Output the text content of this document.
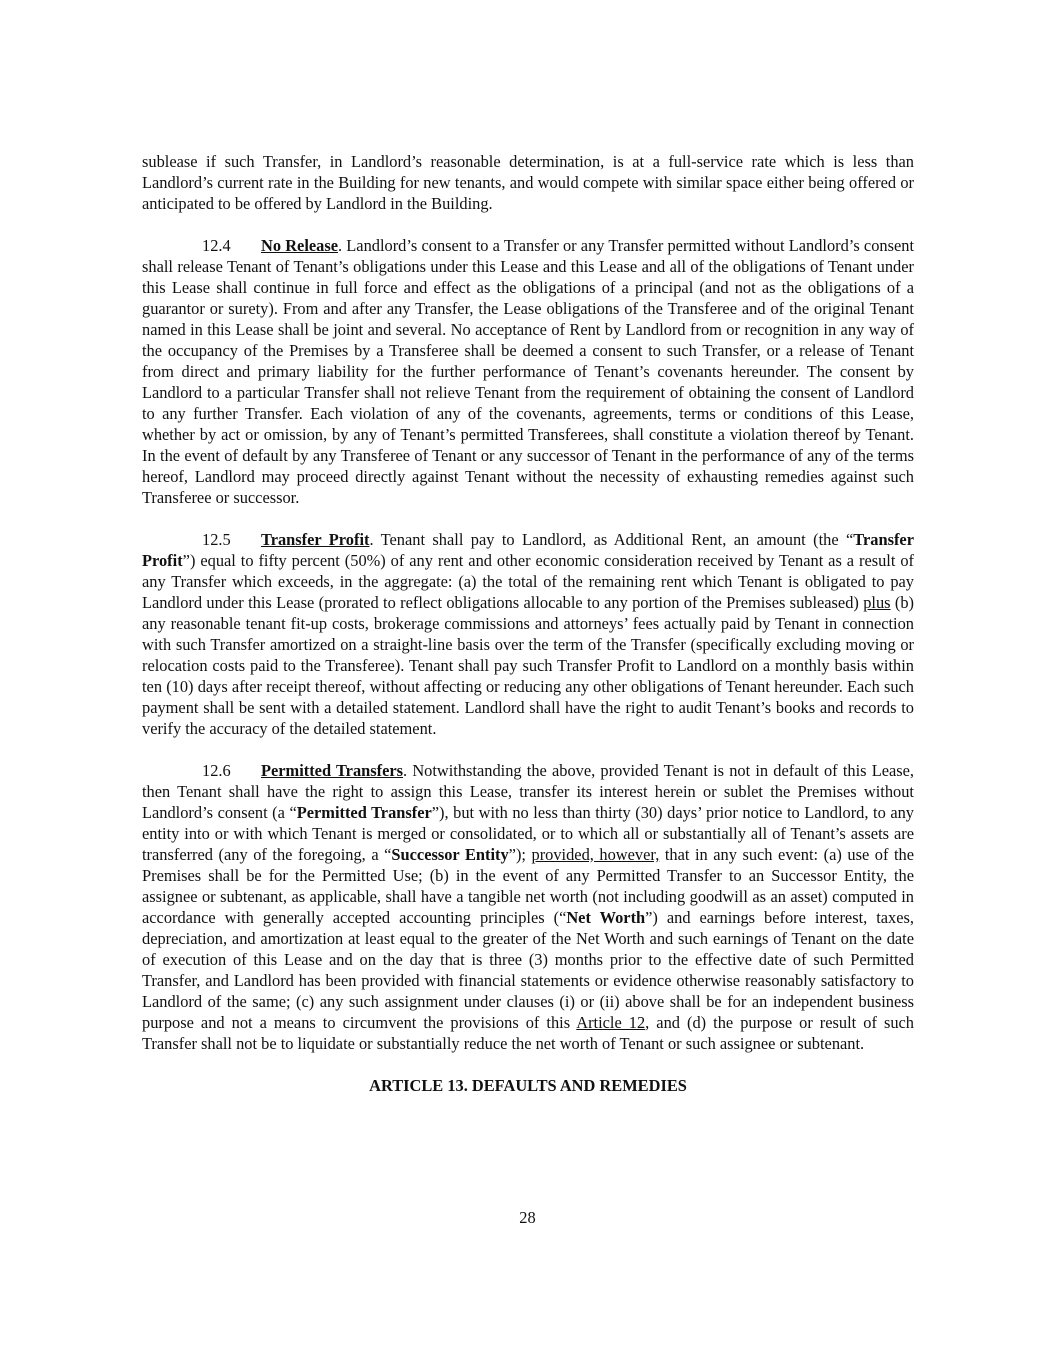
sublease if such Transfer, in Landlord’s reasonable determination, is at a full-service rate which is less than Landlord’s current rate in the Building for new tenants, and would compete with similar space either being offered or anticipated to be offered by Landlord in the Building.

12.4 No Release. Landlord’s consent to a Transfer or any Transfer permitted without Landlord’s consent shall release Tenant of Tenant’s obligations under this Lease and this Lease and all of the obligations of Tenant under this Lease shall continue in full force and effect as the obligations of a principal (and not as the obligations of a guarantor or surety). From and after any Transfer, the Lease obligations of the Transferee and of the original Tenant named in this Lease shall be joint and several. No acceptance of Rent by Landlord from or recognition in any way of the occupancy of the Premises by a Transferee shall be deemed a consent to such Transfer, or a release of Tenant from direct and primary liability for the further performance of Tenant’s covenants hereunder. The consent by Landlord to a particular Transfer shall not relieve Tenant from the requirement of obtaining the consent of Landlord to any further Transfer. Each violation of any of the covenants, agreements, terms or conditions of this Lease, whether by act or omission, by any of Tenant’s permitted Transferees, shall constitute a violation thereof by Tenant. In the event of default by any Transferee of Tenant or any successor of Tenant in the performance of any of the terms hereof, Landlord may proceed directly against Tenant without the necessity of exhausting remedies against such Transferee or successor.

12.5 Transfer Profit. Tenant shall pay to Landlord, as Additional Rent, an amount (the “Transfer Profit”) equal to fifty percent (50%) of any rent and other economic consideration received by Tenant as a result of any Transfer which exceeds, in the aggregate: (a) the total of the remaining rent which Tenant is obligated to pay Landlord under this Lease (prorated to reflect obligations allocable to any portion of the Premises subleased) plus (b) any reasonable tenant fit-up costs, brokerage commissions and attorneys’ fees actually paid by Tenant in connection with such Transfer amortized on a straight-line basis over the term of the Transfer (specifically excluding moving or relocation costs paid to the Transferee). Tenant shall pay such Transfer Profit to Landlord on a monthly basis within ten (10) days after receipt thereof, without affecting or reducing any other obligations of Tenant hereunder. Each such payment shall be sent with a detailed statement. Landlord shall have the right to audit Tenant’s books and records to verify the accuracy of the detailed statement.

12.6 Permitted Transfers. Notwithstanding the above, provided Tenant is not in default of this Lease, then Tenant shall have the right to assign this Lease, transfer its interest herein or sublet the Premises without Landlord’s consent (a “Permitted Transfer”), but with no less than thirty (30) days’ prior notice to Landlord, to any entity into or with which Tenant is merged or consolidated, or to which all or substantially all of Tenant’s assets are transferred (any of the foregoing, a “Successor Entity”); provided, however, that in any such event: (a) use of the Premises shall be for the Permitted Use; (b) in the event of any Permitted Transfer to an Successor Entity, the assignee or subtenant, as applicable, shall have a tangible net worth (not including goodwill as an asset) computed in accordance with generally accepted accounting principles (“Net Worth”) and earnings before interest, taxes, depreciation, and amortization at least equal to the greater of the Net Worth and such earnings of Tenant on the date of execution of this Lease and on the day that is three (3) months prior to the effective date of such Permitted Transfer, and Landlord has been provided with financial statements or evidence otherwise reasonably satisfactory to Landlord of the same; (c) any such assignment under clauses (i) or (ii) above shall be for an independent business purpose and not a means to circumvent the provisions of this Article 12, and (d) the purpose or result of such Transfer shall not be to liquidate or substantially reduce the net worth of Tenant or such assignee or subtenant.

ARTICLE 13. DEFAULTS AND REMEDIES
28
